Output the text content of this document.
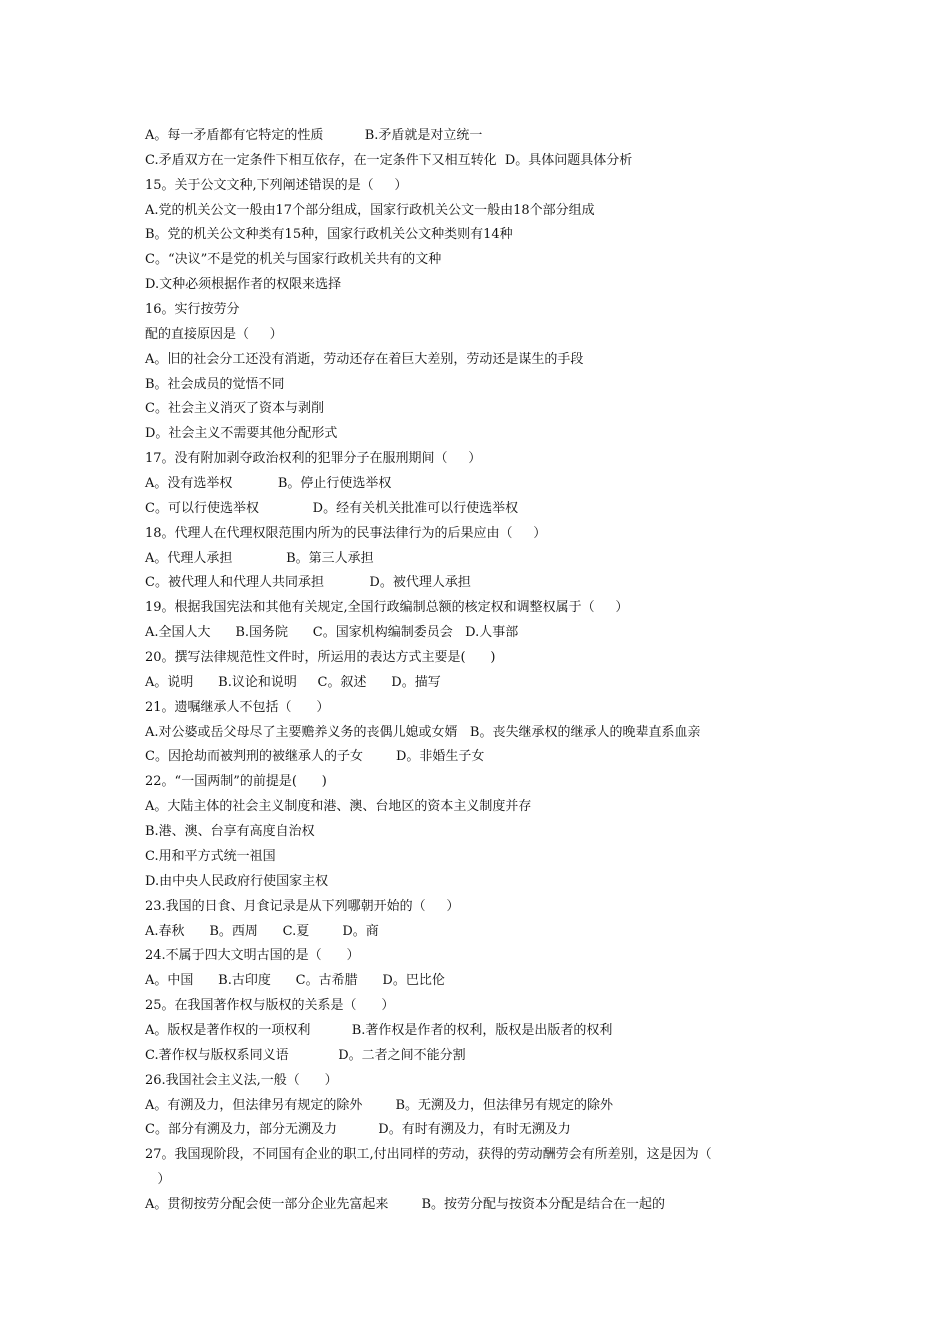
A。每一矛盾都有它特定的性质          B.矛盾就是对立统一
C.矛盾双方在一定条件下相互依存，在一定条件下又相互转化  D。具体问题具体分析
15。关于公文文种,下列阐述错误的是（     ）
A.党的机关公文一般由17个部分组成，国家行政机关公文一般由18个部分组成
B。党的机关公文种类有15种，国家行政机关公文种类则有14种
C。“决议”不是党的机关与国家行政机关共有的文种
D.文种必须根据作者的权限来选择
16。实行按劳分
配的直接原因是（     ）
A。旧的社会分工还没有消逝，劳动还存在着巨大差别，劳动还是谋生的手段
B。社会成员的觉悟不同
C。社会主义消灭了资本与剥削
D。社会主义不需要其他分配形式
17。没有附加剥夺政治权利的犯罪分子在服刑期间（     ）
A。没有选举权           B。停止行使选举权
C。可以行使选举权             D。经有关机关批准可以行使选举权
18。代理人在代理权限范围内所为的民事法律行为的后果应由（     ）
A。代理人承担             B。第三人承担
C。被代理人和代理人共同承担           D。被代理人承担
19。根据我国宪法和其他有关规定,全国行政编制总额的核定权和调整权属于（     ）
A.全国人大      B.国务院      C。国家机构编制委员会   D.人事部
20。撰写法律规范性文件时，所运用的表达方式主要是(      )
A。说明      B.议论和说明     C。叙述      D。描写
21。遗嘱继承人不包括（      ）
A.对公婆或岳父母尽了主要赡养义务的丧偶儿媳或女婿   B。丧失继承权的继承人的晚辈直系血亲
C。因抢劫而被判刑的被继承人的子女        D。非婚生子女
22。“一国两制”的前提是(      )
A。大陆主体的社会主义制度和港、澳、台地区的资本主义制度并存
B.港、澳、台享有高度自治权
C.用和平方式统一祖国
D.由中央人民政府行使国家主权
23.我国的日食、月食记录是从下列哪朝开始的（     ）
A.春秋      B。西周      C.夏        D。商
24.不属于四大文明古国的是（      ）
A。中国      B.古印度      C。古希腊      D。巴比伦
25。在我国著作权与版权的关系是（      ）
A。版权是著作权的一项权利          B.著作权是作者的权利，版权是出版者的权利
C.著作权与版权系同义语            D。二者之间不能分割
26.我国社会主义法,一般（      ）
A。有溯及力，但法律另有规定的除外        B。无溯及力，但法律另有规定的除外
C。部分有溯及力，部分无溯及力          D。有时有溯及力，有时无溯及力
27。我国现阶段，不同国有企业的职工,付出同样的劳动，获得的劳动酬劳会有所差别，这是因为（
）
A。贯彻按劳分配会使一部分企业先富起来        B。按劳分配与按资本分配是结合在一起的
